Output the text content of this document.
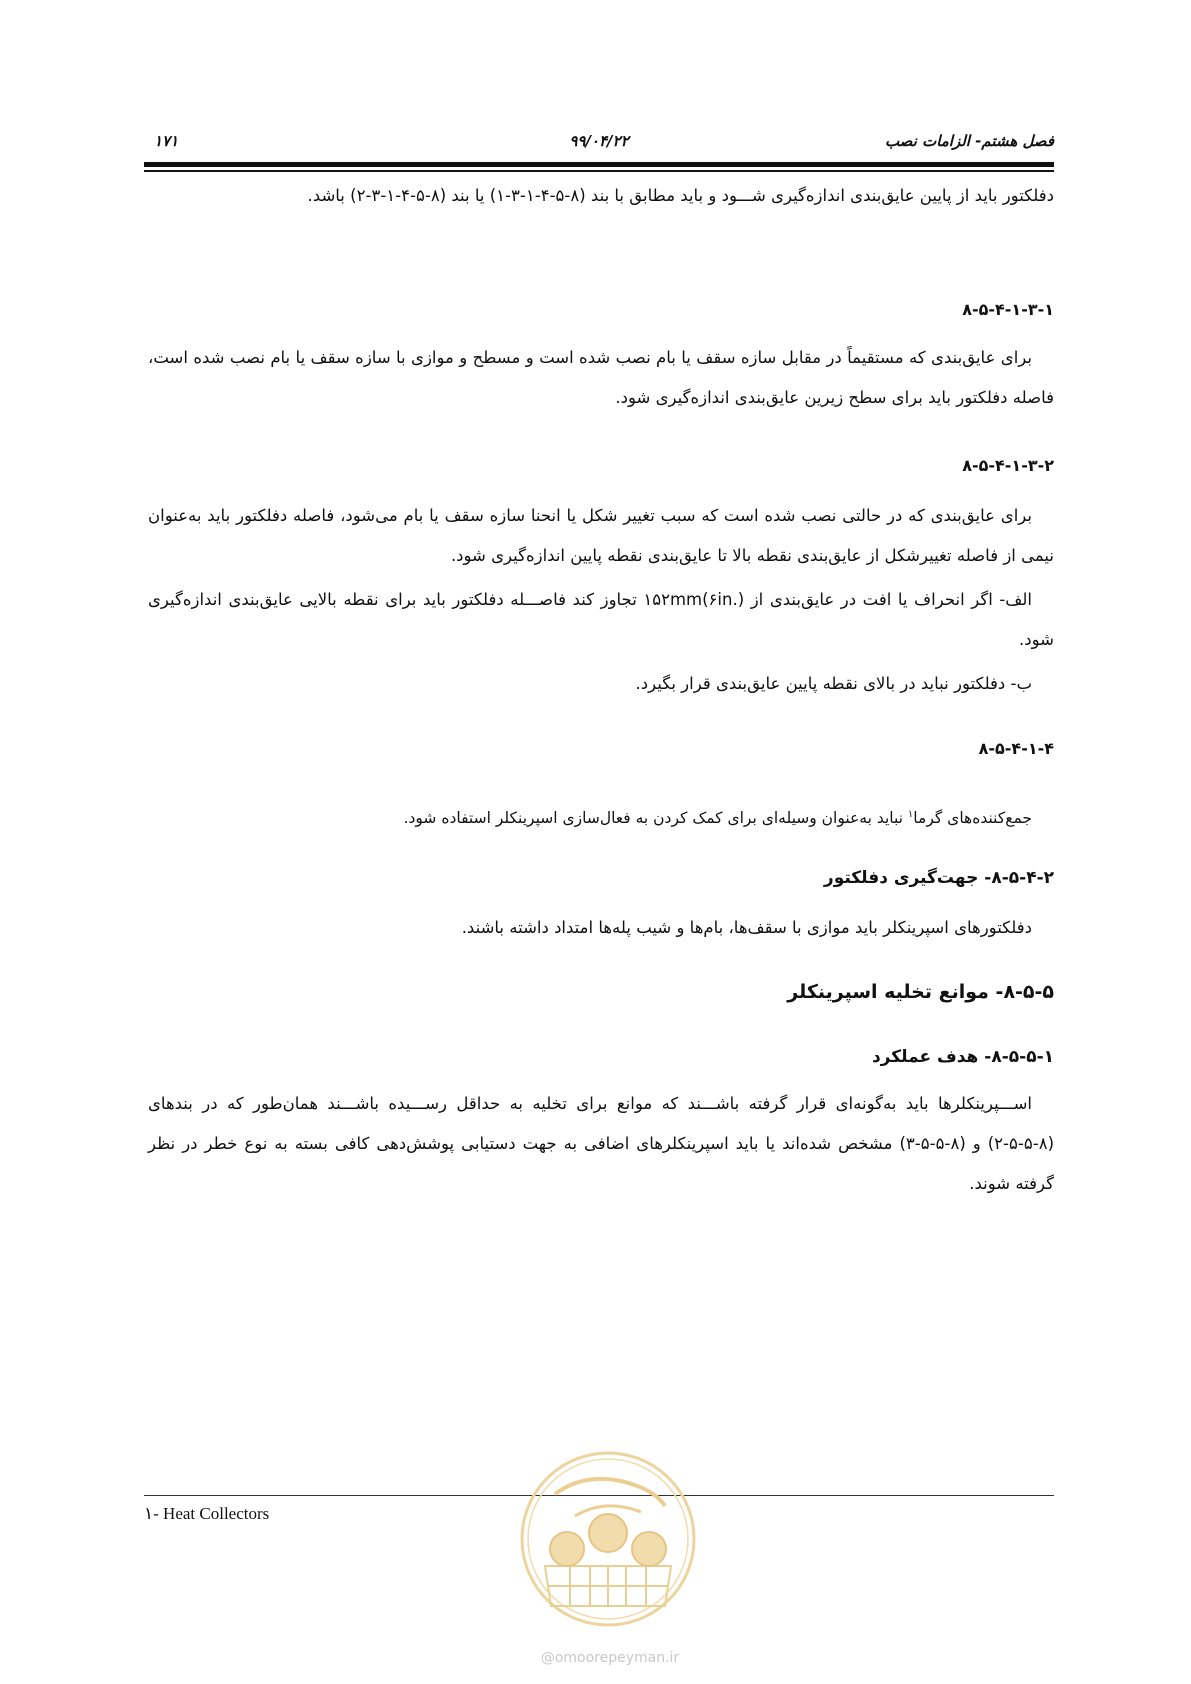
فصل هشتم- الزامات نصب
۹۹/۰۴/۲۲
۱۷۱

دفلکتور باید از پایین عایق‌بندی اندازه‌گیری شـــود و باید مطابق با بند (۸-۵-۴-۱-۳-۱) یا بند (۸-۵-۴-۱-۳-۲) باشد.

۸-۵-۴-۱-۳-۱

برای عایق‌بندی که مستقیماً در مقابل سازه سقف یا بام نصب شده است و مسطح و موازی با سازه سقف یا بام نصب شده است، فاصله دفلکتور باید برای سطح زیرین عایق‌بندی اندازه‌گیری شود.

۸-۵-۴-۱-۳-۲

برای عایق‌بندی که در حالتی نصب شده است که سبب تغییر شکل یا انحنا سازه سقف یا بام می‌شود، فاصله دفلکتور باید به‌عنوان نیمی از فاصله تغییرشکل از عایق‌بندی نقطه بالا تا عایق‌بندی نقطه پایین اندازه‌گیری شود.

الف- اگر انحراف یا افت در عایق‌بندی از ۱۵۲mm(۶in.) تجاوز کند فاصـــله دفلکتور باید برای نقطه بالایی عایق‌بندی اندازه‌گیری شود.

ب- دفلکتور نباید در بالای نقطه پایین عایق‌بندی قرار بگیرد.

۸-۵-۴-۱-۴

جمع‌کننده‌های گرما$^۱$ نباید به‌عنوان وسیله‌ای برای کمک کردن به فعال‌سازی اسپرینکلر استفاده شود.

۸-۵-۴-۲- جهت‌گیری دفلکتور

دفلکتورهای اسپرینکلر باید موازی با سقف‌ها، بام‌ها و شیب پله‌ها امتداد داشته باشند.

۸-۵-۵- موانع تخلیه اسپرینکلر
۸-۵-۵-۱- هدف عملکرد

اســـپرینکلرها باید به‌گونه‌ای قرار گرفته باشـــند که موانع برای تخلیه به حداقل رســـیده باشـــند همان‌طور که در بندهای (۸-۵-۵-۲) و (۸-۵-۵-۳) مشخص شده‌اند یا باید اسپرینکلرهای اضافی به جهت دستیابی پوشش‌دهی کافی بسته به نوع خطر در نظر گرفته شوند.

۱- Heat Collectors
@omoorepeyman.ir
